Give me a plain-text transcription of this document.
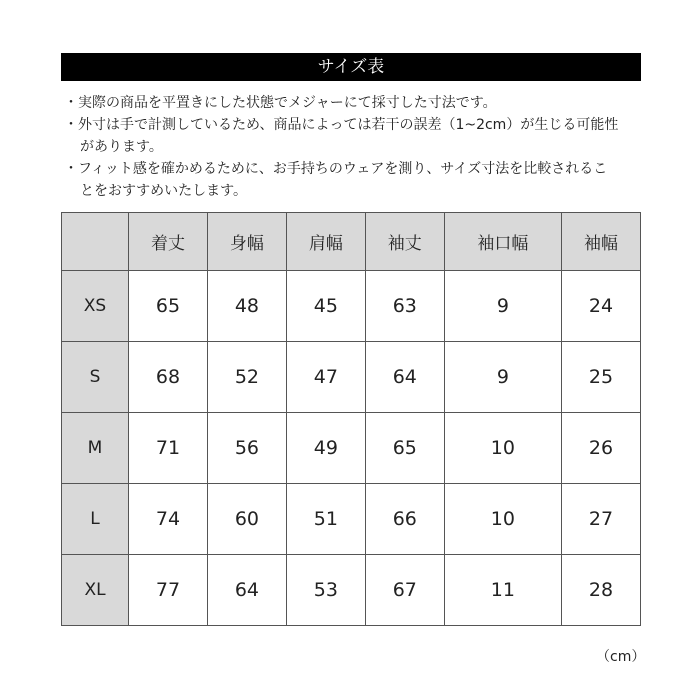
サイズ表
・実際の商品を平置きにした状態でメジャーにて採寸した寸法です。
・外寸は手で計測しているため、商品によっては若干の誤差（1~2cm）が生じる可能性があります。
・フィット感を確かめるために、お手持ちのウェアを測り、サイズ寸法を比較されることをおすすめいたします。
	着丈	身幅	肩幅	袖丈	袖口幅	袖幅
XS	65	48	45	63	9	24
S	68	52	47	64	9	25
M	71	56	49	65	10	26
L	74	60	51	66	10	27
XL	77	64	53	67	11	28
（cm）
